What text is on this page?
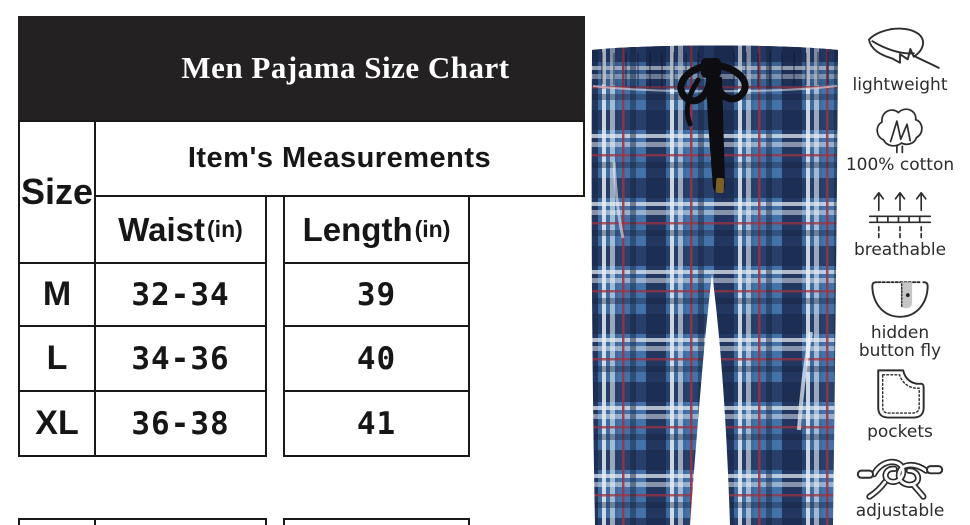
Men Pajama Size Chart
Size
Item's Measurements
Waist (in) Length (in)
M	32-34	39
L	34-36	40
XL	36-38	41
lightweight
100% cotton
breathable
hidden
button fly
pockets
adjustable
